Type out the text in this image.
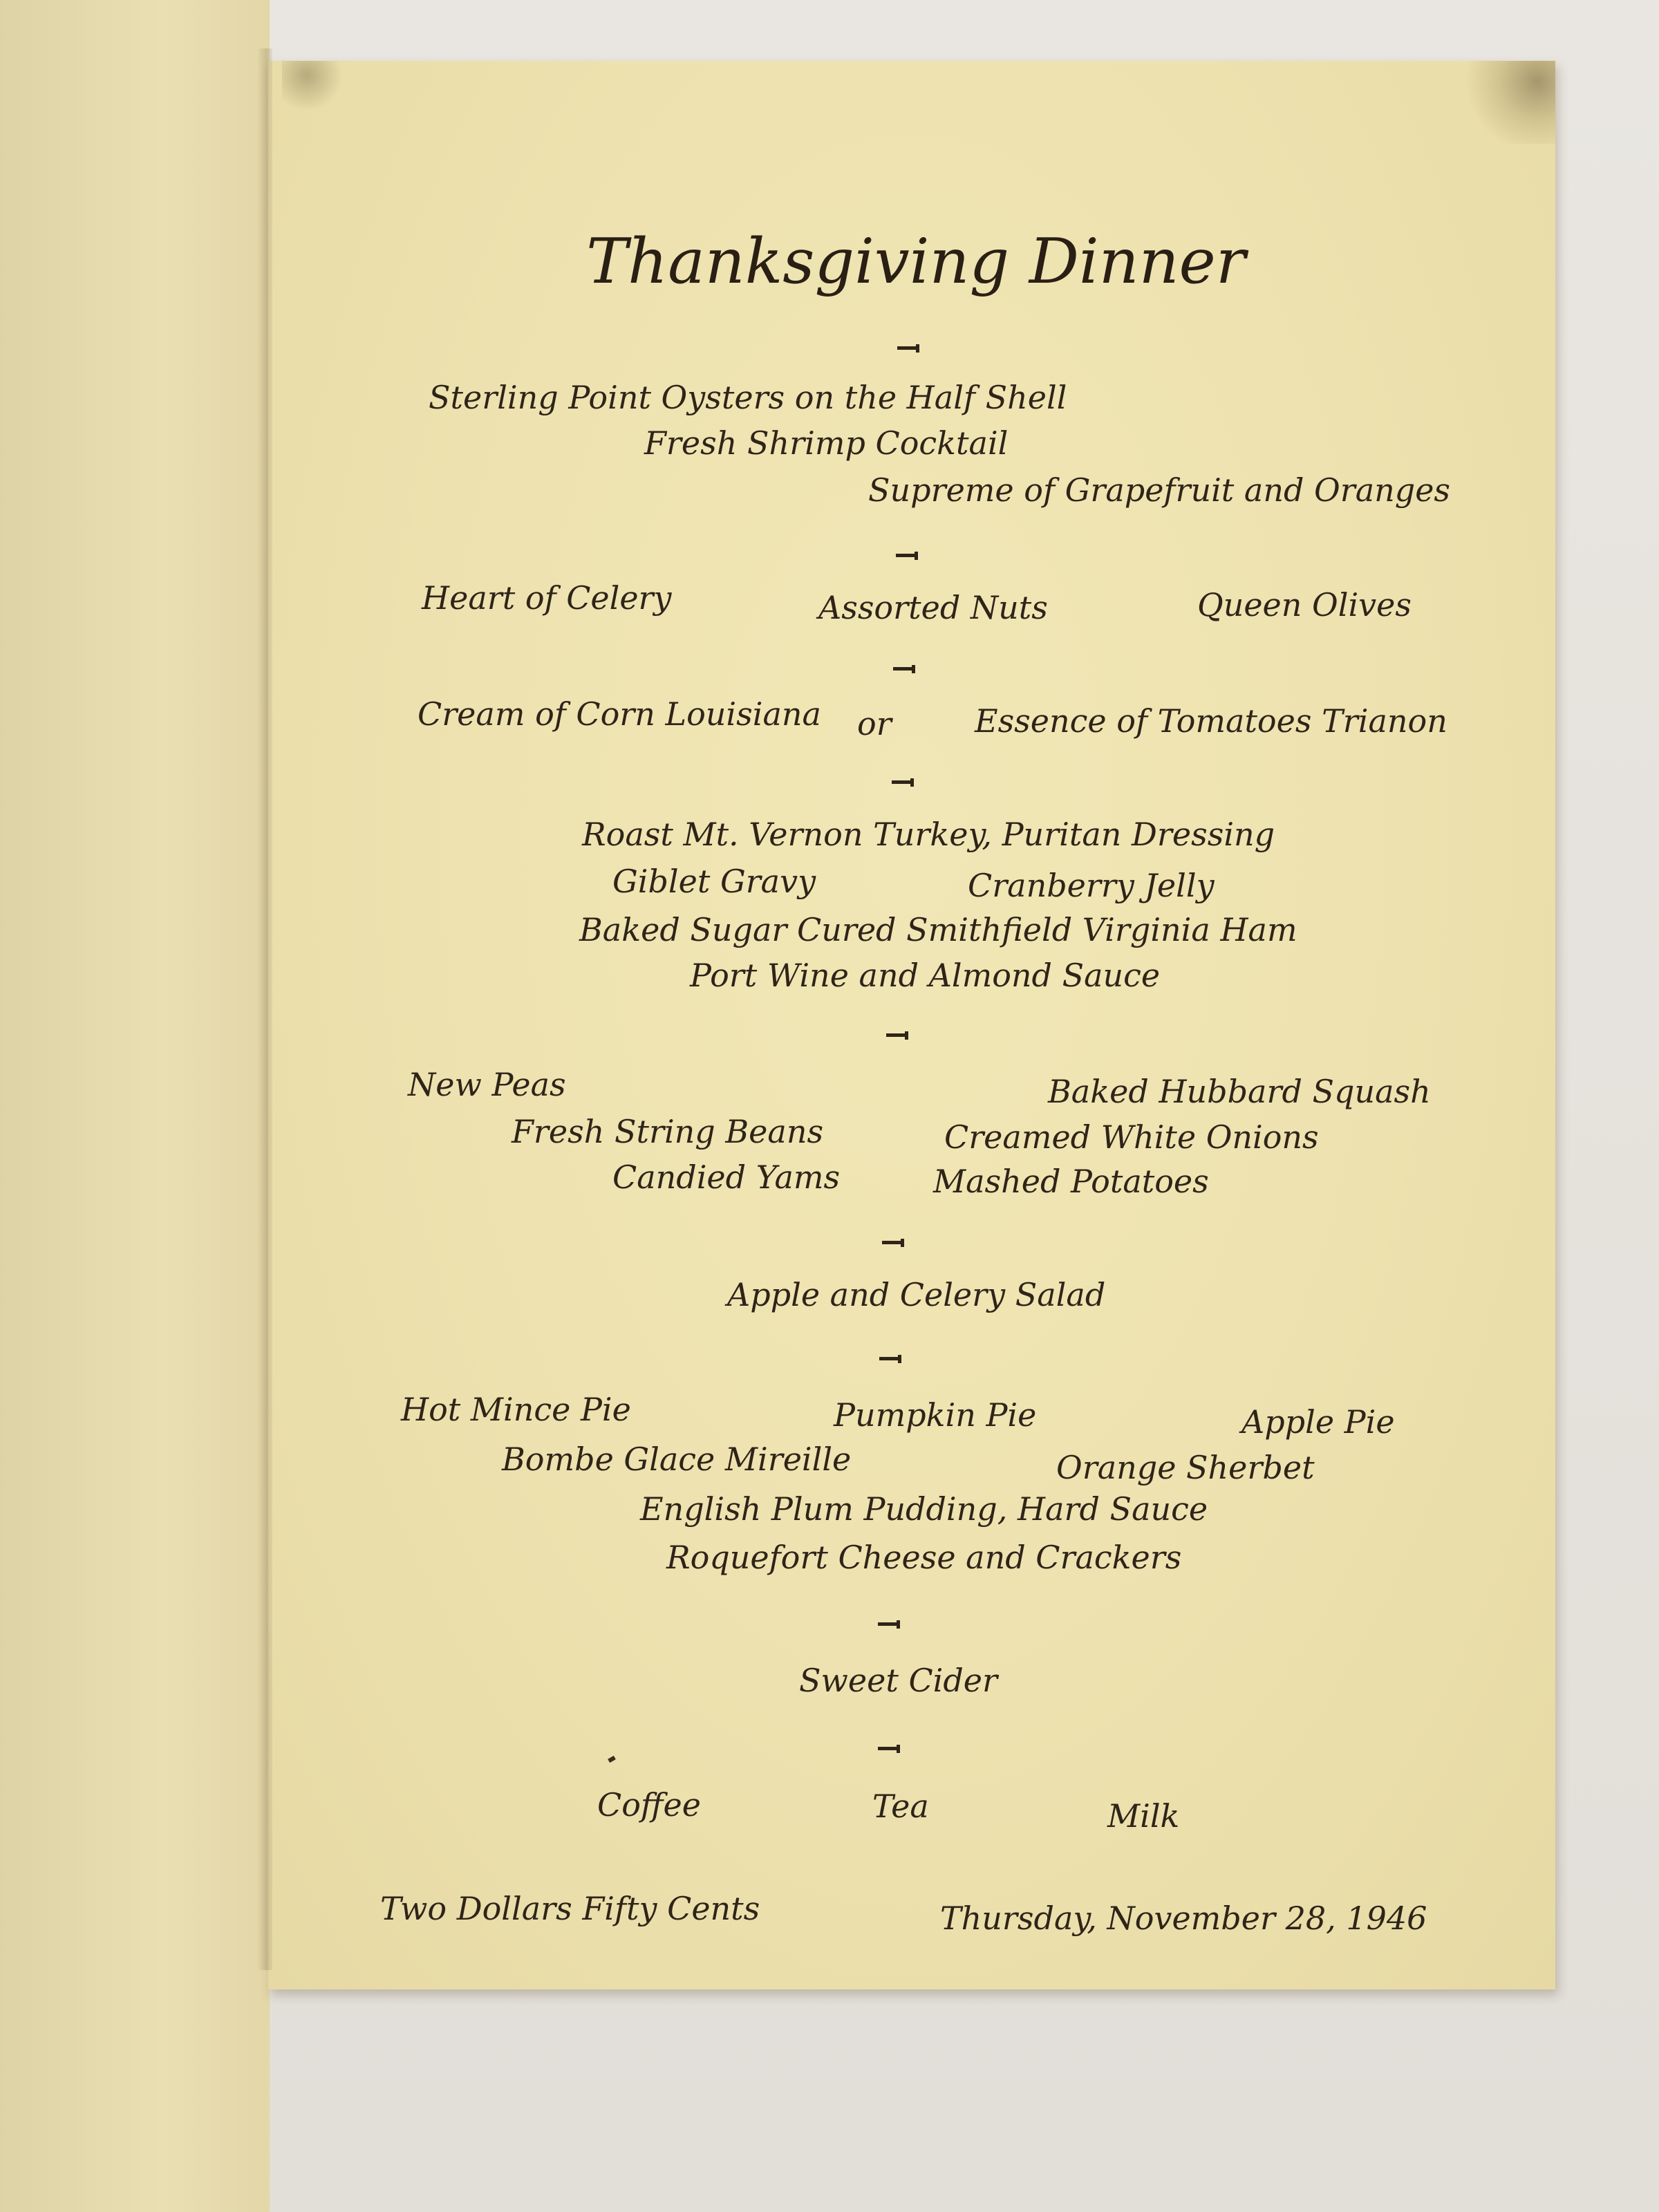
Thanksgiving Dinner
Sterling Point Oysters on the Half Shell
Fresh Shrimp Cocktail
Supreme of Grapefruit and Oranges
Heart of Celery	Assorted Nuts	Queen Olives
Cream of Corn Louisiana or	Essence of Tomatoes Trianon
Roast Mt. Vernon Turkey, Puritan Dressing
Giblet Gravy	Cranberry Jelly
Baked Sugar Cured Smithfield Virginia Ham
Port Wine and Almond Sauce
New Peas	Baked Hubbard Squash
Fresh String Beans	Creamed White Onions
Candied Yams	Mashed Potatoes
Apple and Celery Salad
Hot Mince Pie	Pumpkin Pie	Apple Pie
Bombe Glace Mireille	Orange Sherbet
English Plum Pudding, Hard Sauce
Roquefort Cheese and Crackers
Sweet Cider
Coffee	Tea	Milk
Two Dollars Fifty Cents	Thursday, November 28, 1946
